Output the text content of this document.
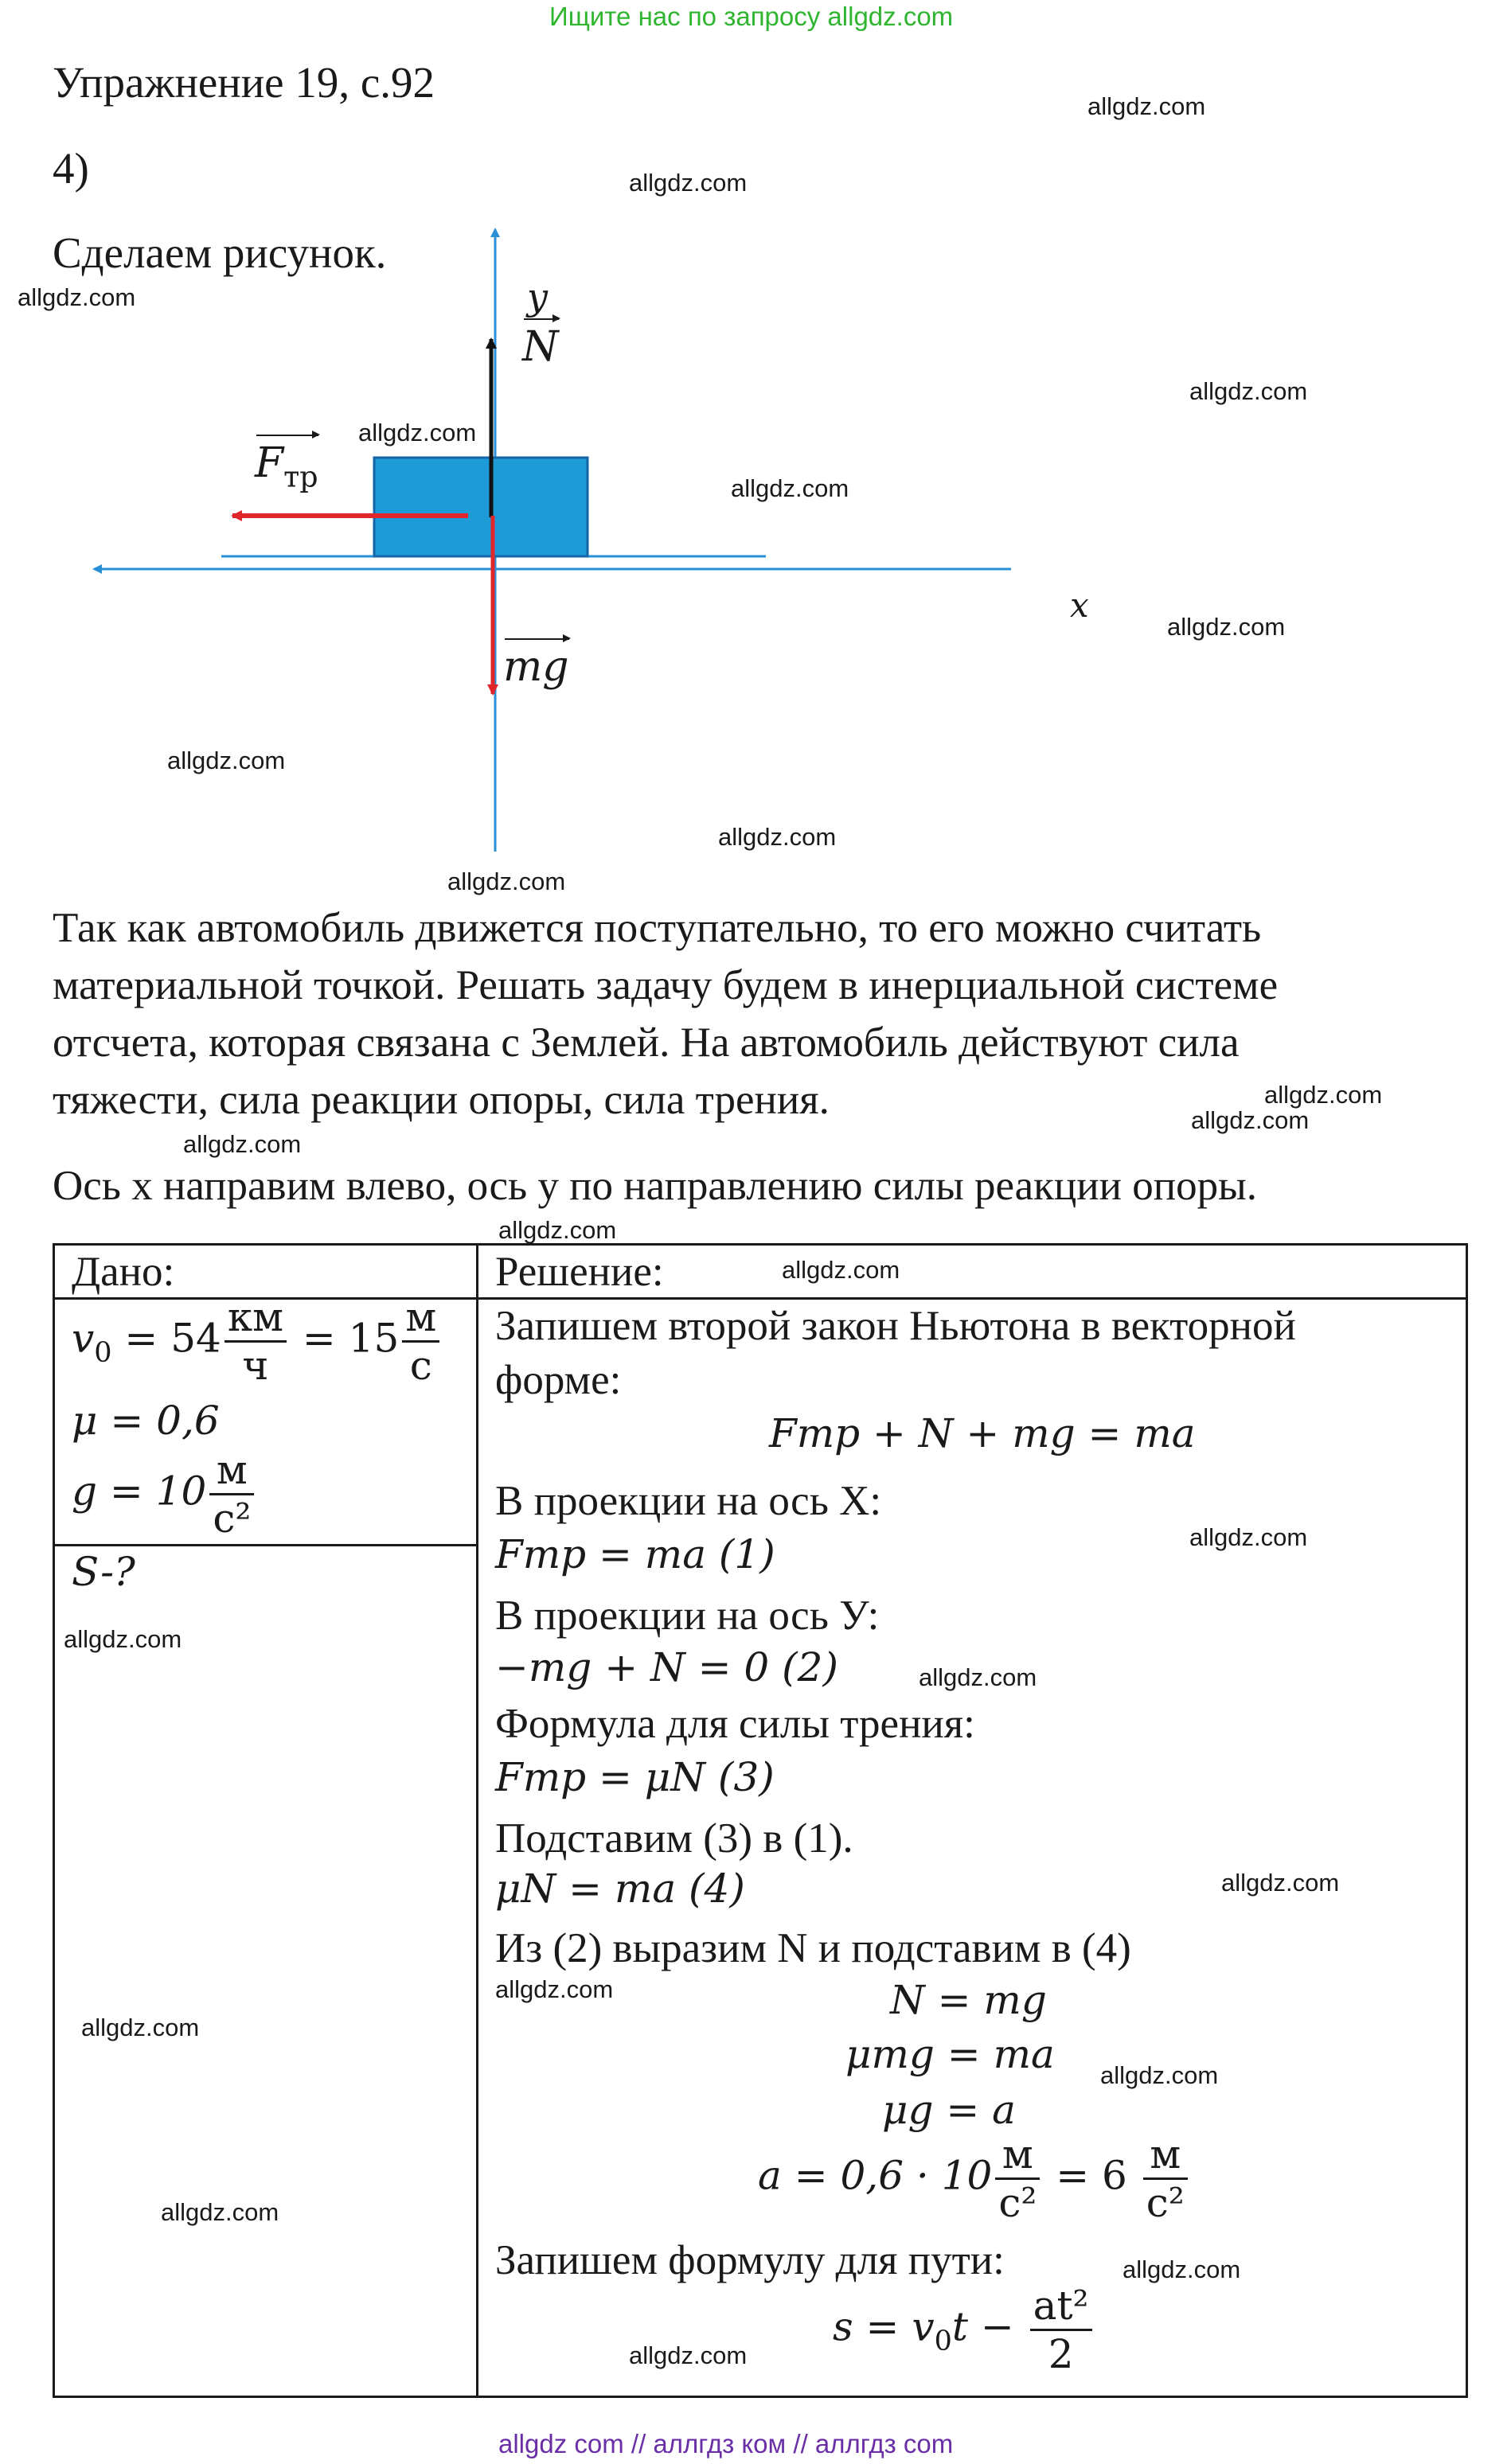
Ищите нас по запросу allgdz.com
Упражнение 19, с.92
4)
Сделаем рисунок.
y
N
$F_{тр}$
mg
x
Так как автомобиль движется поступательно, то его можно считать
материальной точкой. Решать задачу будем в инерциальной системе
отсчета, которая связана с Землей. На автомобиль действуют сила
тяжести, сила реакции опоры, сила трения.
Ось x направим влево, ось y по направлению силы реакции опоры.
Дано:	Решение:
$v_0 = 54 \frac{км}{ч} = 15 \frac{м}{с}$
μ = 0,6
$g = 10 \frac{м}{\text{с²}}$
S-?
Запишем второй закон Ньютона в векторной
форме:
Fтр + N + mg = ma
В проекции на ось X:
Fтр = ma (1)
В проекции на ось У:
−mg + N = 0 (2)
Формула для силы трения:
Fтр = μN (3)
Подставим (3) в (1).
μN = ma (4)
Из (2) выразим N и подставим в (4)
N = mg
μmg = ma
μg = a
$a = 0,6 \cdot 10 \frac{м}{\text{с²}} = 6 \frac{м}{\text{с²}}$
Запишем формулу для пути:
$s = v_0t - \frac{\text{at²}}{2}$
allgdz.com
allgdz.com
allgdz.com
allgdz.com
allgdz.com
allgdz.com
allgdz.com
allgdz.com
allgdz.com
allgdz.com
allgdz.com
allgdz.com
allgdz.com
allgdz.com
allgdz.com
allgdz.com
allgdz.com
allgdz.com
allgdz.com
allgdz.com
allgdz.com
allgdz.com
allgdz.com
allgdz.com
allgdz.com
allgdz com // аллгдз ком // аллгдз com
